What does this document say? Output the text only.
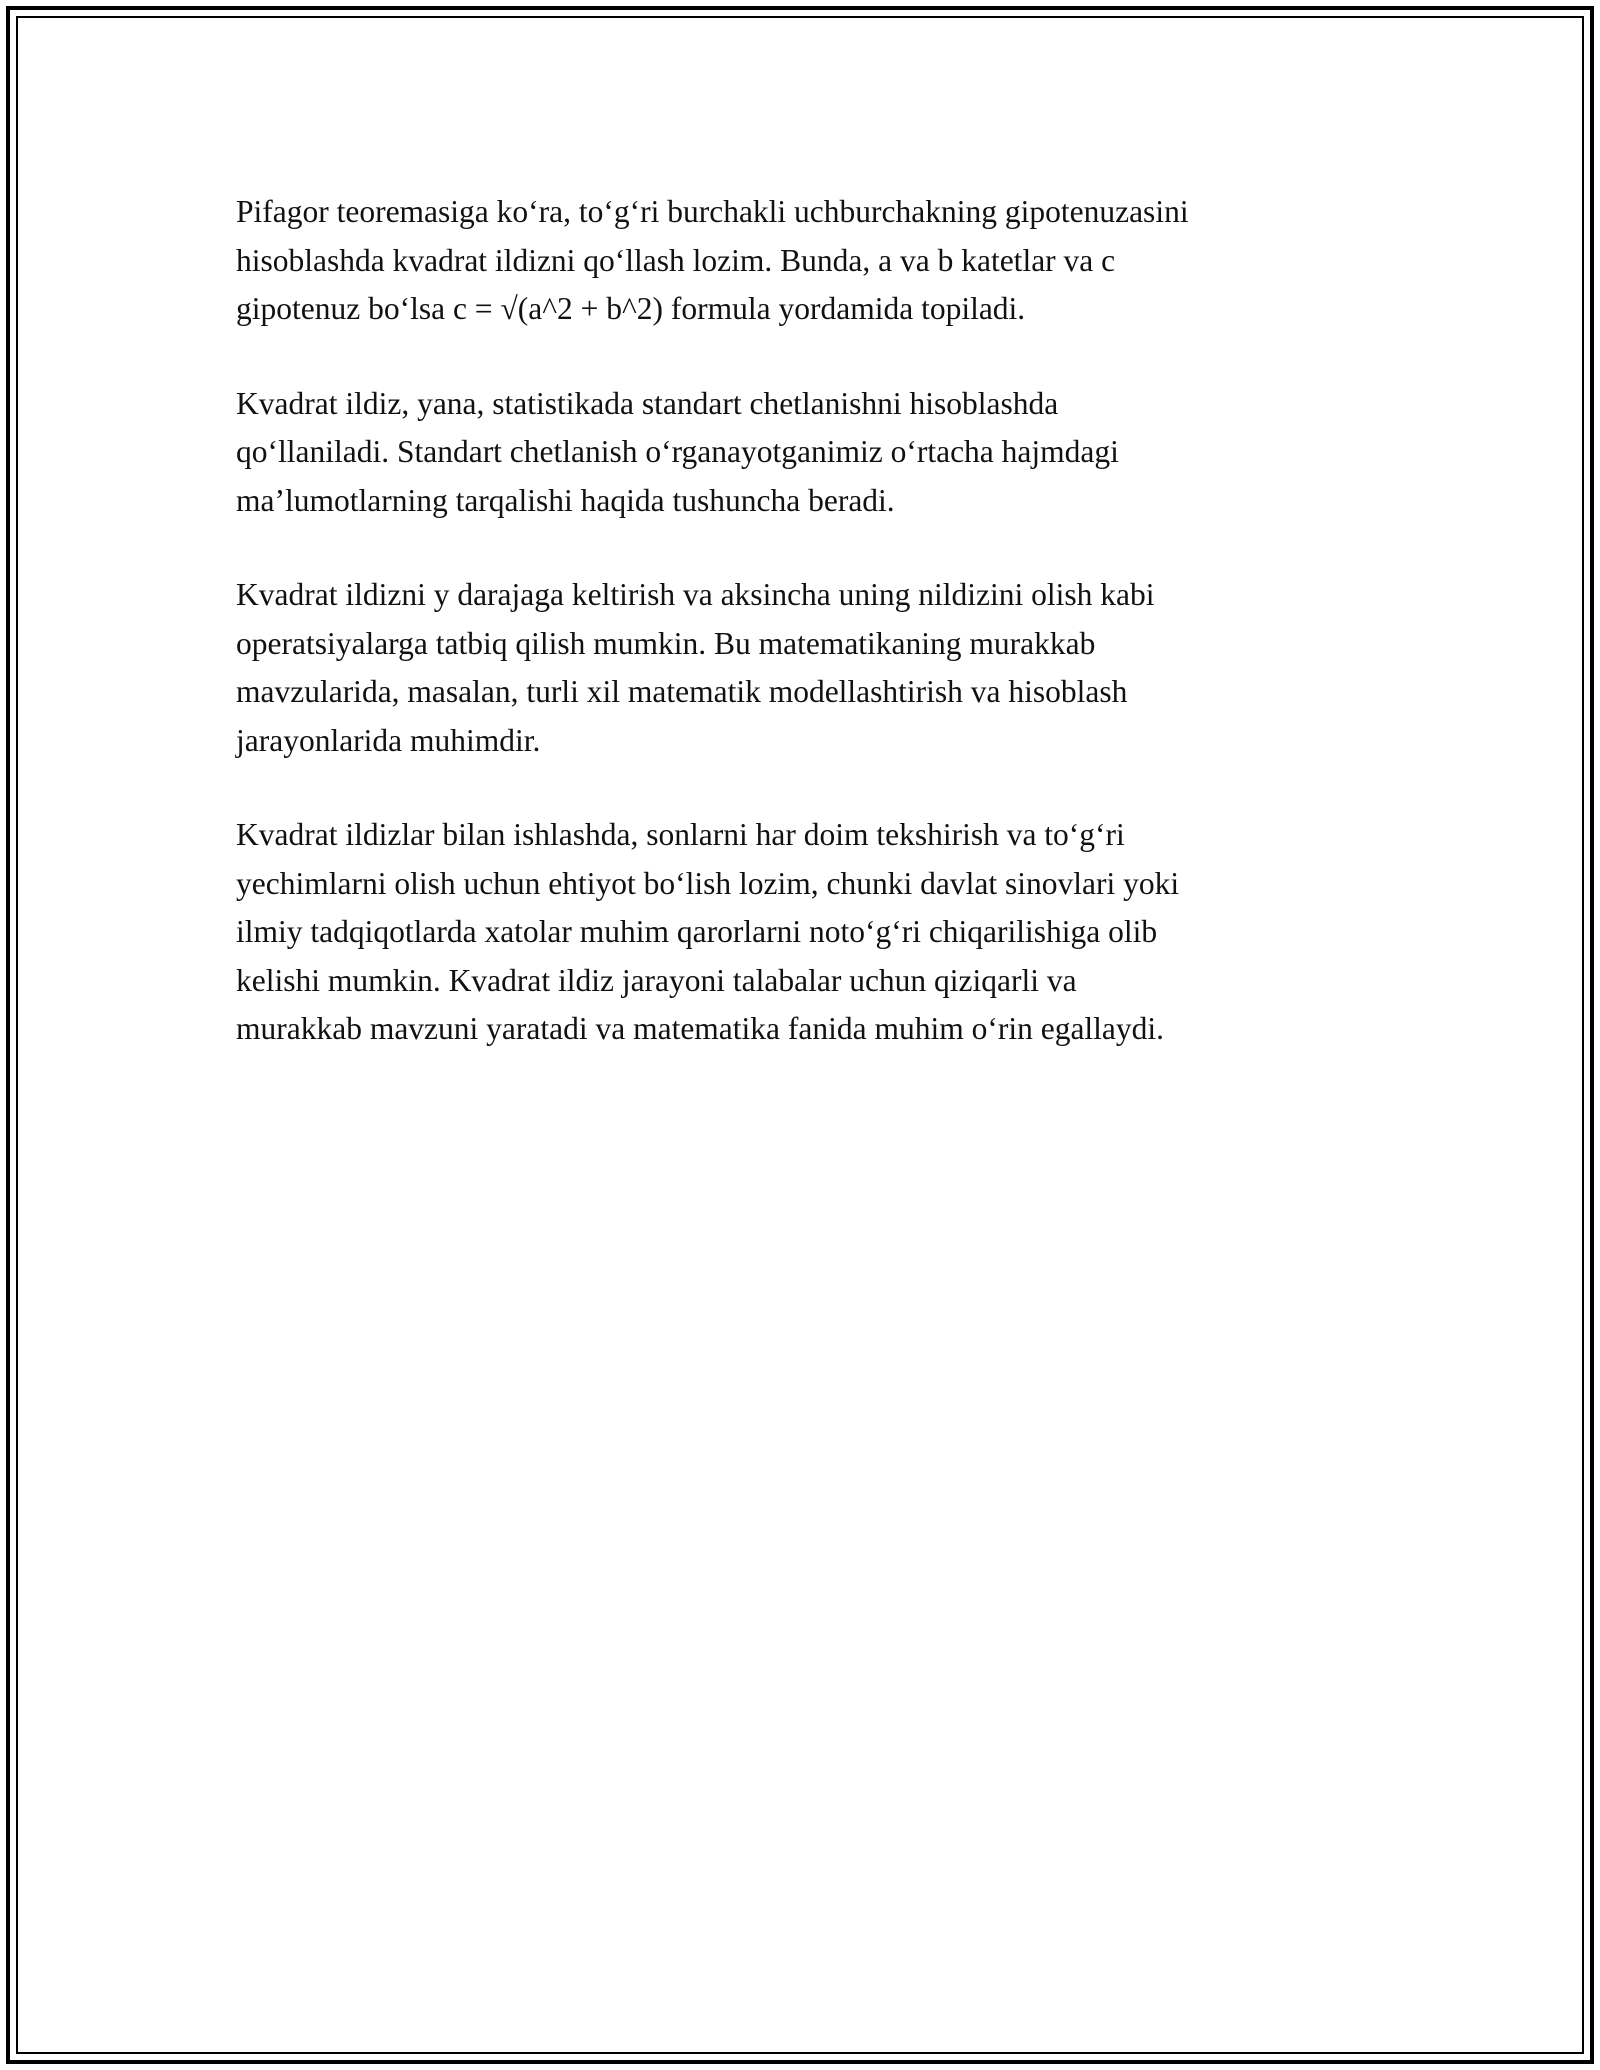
Pifagor teoremasiga ko‘ra, to‘g‘ri burchakli uchburchakning gipotenuzasini
hisoblashda kvadrat ildizni qo‘llash lozim. Bunda, a va b katetlar va c
gipotenuz bo‘lsa c = √(a^2 + b^2) formula yordamida topiladi.

Kvadrat ildiz, yana, statistikada standart chetlanishni hisoblashda
qo‘llaniladi. Standart chetlanish o‘rganayotganimiz o‘rtacha hajmdagi
ma’lumotlarning tarqalishi haqida tushuncha beradi.

Kvadrat ildizni y darajaga keltirish va aksincha uning nildizini olish kabi
operatsiyalarga tatbiq qilish mumkin. Bu matematikaning murakkab
mavzularida, masalan, turli xil matematik modellashtirish va hisoblash
jarayonlarida muhimdir.

Kvadrat ildizlar bilan ishlashda, sonlarni har doim tekshirish va to‘g‘ri
yechimlarni olish uchun ehtiyot bo‘lish lozim, chunki davlat sinovlari yoki
ilmiy tadqiqotlarda xatolar muhim qarorlarni noto‘g‘ri chiqarilishiga olib
kelishi mumkin. Kvadrat ildiz jarayoni talabalar uchun qiziqarli va
murakkab mavzuni yaratadi va matematika fanida muhim o‘rin egallaydi.
